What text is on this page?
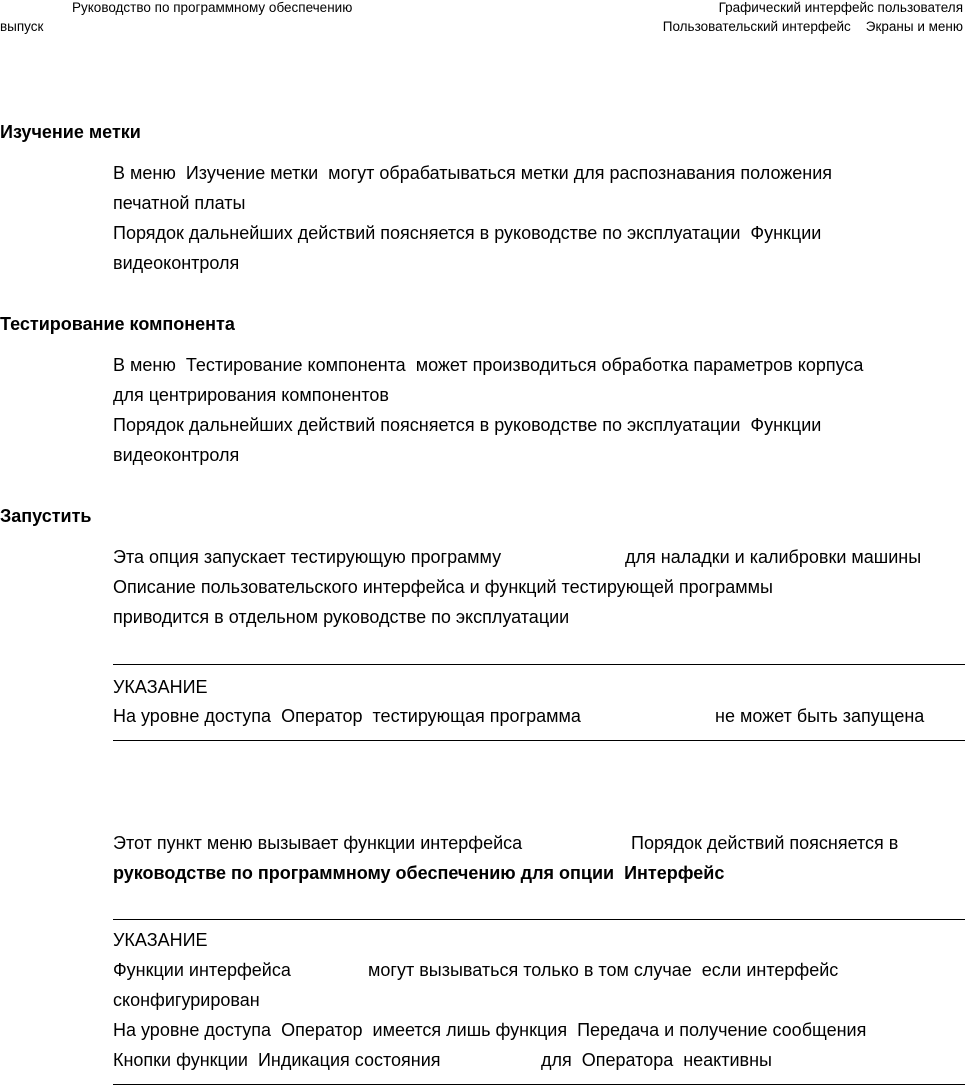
Руководство по программному обеспечению
выпуск
Графический интерфейс пользователя
Пользовательский интерфейс    Экраны и меню
Изучение метки
В меню  Изучение метки  могут обрабатываться метки для распознавания положения
печатной платы
Порядок дальнейших действий поясняется в руководстве по эксплуатации  Функции
видеоконтроля
Тестирование компонента
В меню  Тестирование компонента  может производиться обработка параметров корпуса
для центрирования компонентов
Порядок дальнейших действий поясняется в руководстве по эксплуатации  Функции
видеоконтроля
Запустить
Эта опция запускает тестирующую программу	для наладки и калибровки машины
Описание пользовательского интерфейса и функций тестирующей программы
приводится в отдельном руководстве по эксплуатации
УКАЗАНИЕ
На уровне доступа  Оператор  тестирующая программа	не может быть запущена
Этот пункт меню вызывает функции интерфейса	Порядок действий поясняется в
руководстве по программному обеспечению для опции  Интерфейс
УКАЗАНИЕ
Функции интерфейса	могут вызываться только в том случае  если интерфейс
сконфигурирован
На уровне доступа  Оператор  имеется лишь функция  Передача и получение сообщения
Кнопки функции  Индикация состояния	для  Оператора  неактивны
